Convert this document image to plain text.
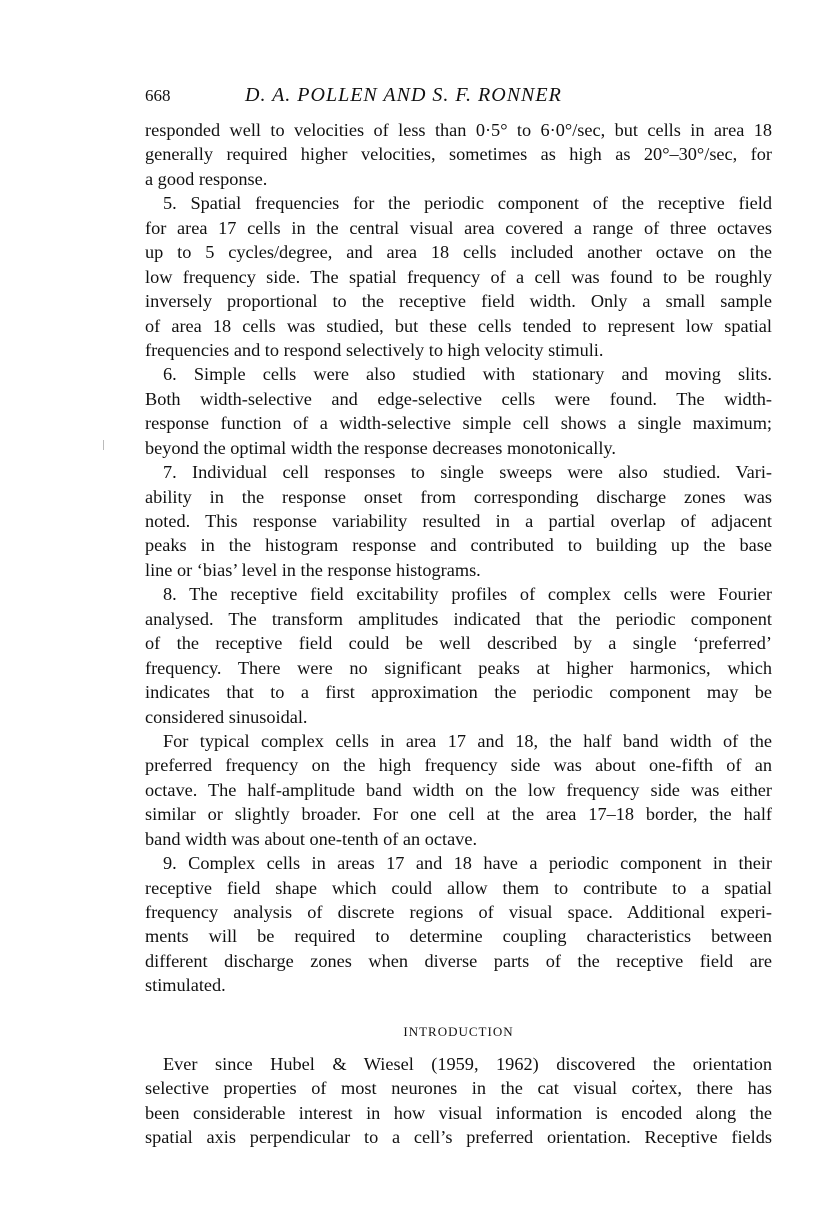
668	D. A. POLLEN AND S. F. RONNER
responded well to velocities of less than 0·5° to 6·0°/sec, but cells in area 18
generally required higher velocities, sometimes as high as 20°–30°/sec, for
a good response.
5. Spatial frequencies for the periodic component of the receptive field
for area 17 cells in the central visual area covered a range of three octaves
up to 5 cycles/degree, and area 18 cells included another octave on the
low frequency side. The spatial frequency of a cell was found to be roughly
inversely proportional to the receptive field width. Only a small sample
of area 18 cells was studied, but these cells tended to represent low spatial
frequencies and to respond selectively to high velocity stimuli.
6. Simple cells were also studied with stationary and moving slits.
Both width-selective and edge-selective cells were found. The width-
response function of a width-selective simple cell shows a single maximum;
beyond the optimal width the response decreases monotonically.
7. Individual cell responses to single sweeps were also studied. Vari-
ability in the response onset from corresponding discharge zones was
noted. This response variability resulted in a partial overlap of adjacent
peaks in the histogram response and contributed to building up the base
line or ‘bias’ level in the response histograms.
8. The receptive field excitability profiles of complex cells were Fourier
analysed. The transform amplitudes indicated that the periodic component
of the receptive field could be well described by a single ‘preferred’
frequency. There were no significant peaks at higher harmonics, which
indicates that to a first approximation the periodic component may be
considered sinusoidal.
For typical complex cells in area 17 and 18, the half band width of the
preferred frequency on the high frequency side was about one-fifth of an
octave. The half-amplitude band width on the low frequency side was either
similar or slightly broader. For one cell at the area 17–18 border, the half
band width was about one-tenth of an octave.
9. Complex cells in areas 17 and 18 have a periodic component in their
receptive field shape which could allow them to contribute to a spatial
frequency analysis of discrete regions of visual space. Additional experi-
ments will be required to determine coupling characteristics between
different discharge zones when diverse parts of the receptive field are
stimulated.
INTRODUCTION
Ever since Hubel & Wiesel (1959, 1962) discovered the orientation
selective properties of most neurones in the cat visual cortex, there has
been considerable interest in how visual information is encoded along the
spatial axis perpendicular to a cell’s preferred orientation. Receptive fields
